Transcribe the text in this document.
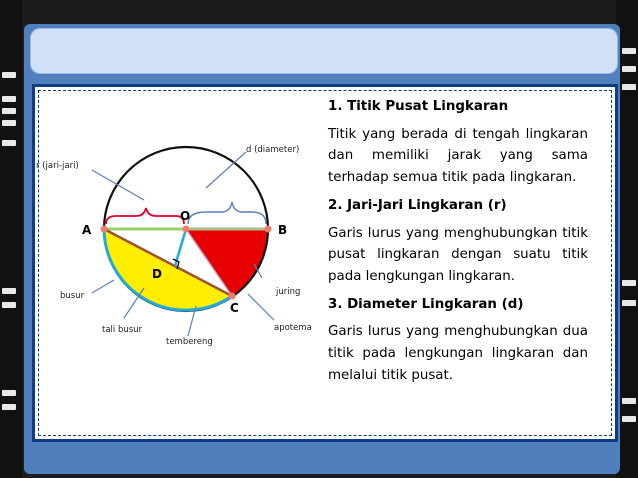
r (jari-jari)
d (diameter)
A	B
O
C
D
busur	juring
tali busur	apotema
tembereng

1. Titik Pusat Lingkaran

Titik yang berada di tengah lingkaran dan memiliki jarak yang sama terhadap semua titik pada lingkaran.

2. Jari-Jari Lingkaran (r)

Garis lurus yang menghubungkan titik pusat lingkaran dengan suatu titik pada lengkungan lingkaran.

3. Diameter Lingkaran (d)

Garis lurus yang menghubungkan dua titik pada lengkungan lingkaran dan melalui titik pusat.
